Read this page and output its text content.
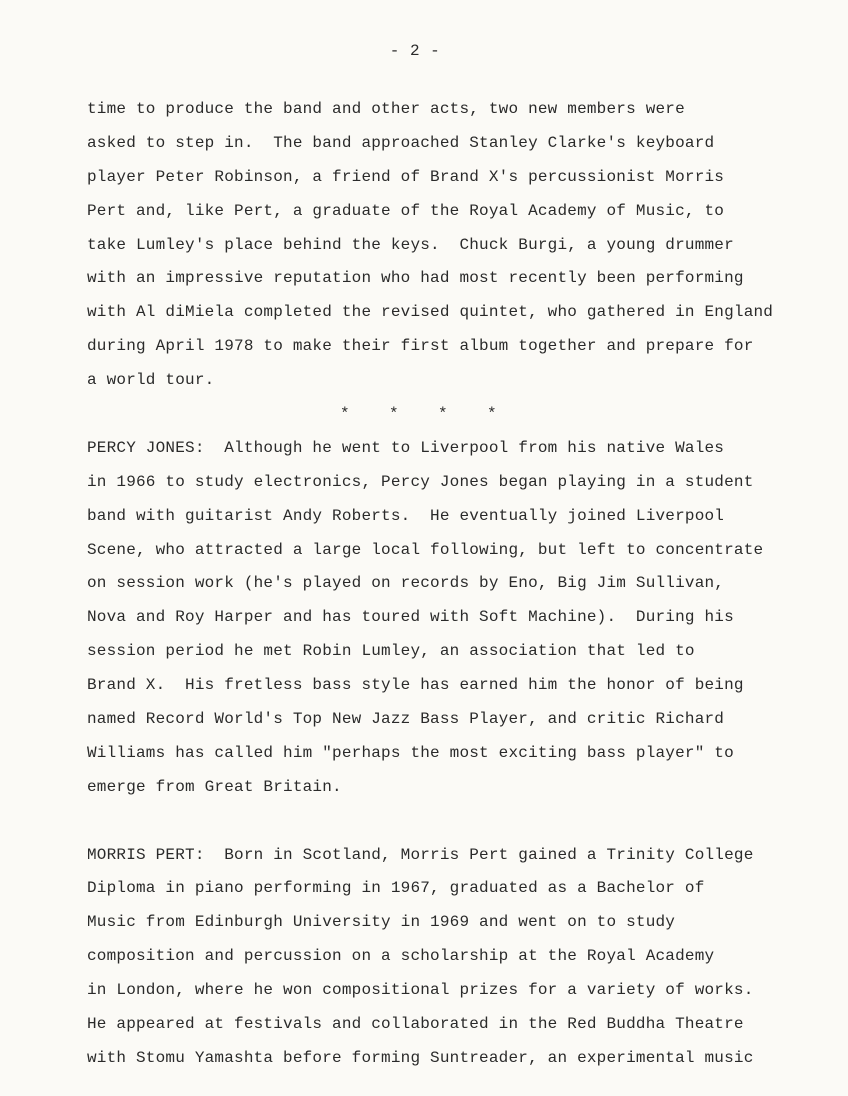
- 2 -
time to produce the band and other acts, two new members were
asked to step in.  The band approached Stanley Clarke's keyboard
player Peter Robinson, a friend of Brand X's percussionist Morris
Pert and, like Pert, a graduate of the Royal Academy of Music, to
take Lumley's place behind the keys.  Chuck Burgi, a young drummer
with an impressive reputation who had most recently been performing
with Al diMiela completed the revised quintet, who gathered in England
during April 1978 to make their first album together and prepare for
a world tour.
*    *    *    *
PERCY JONES:  Although he went to Liverpool from his native Wales
in 1966 to study electronics, Percy Jones began playing in a student
band with guitarist Andy Roberts.  He eventually joined Liverpool
Scene, who attracted a large local following, but left to concentrate
on session work (he's played on records by Eno, Big Jim Sullivan,
Nova and Roy Harper and has toured with Soft Machine).  During his
session period he met Robin Lumley, an association that led to
Brand X.  His fretless bass style has earned him the honor of being
named Record World's Top New Jazz Bass Player, and critic Richard
Williams has called him "perhaps the most exciting bass player" to
emerge from Great Britain.
MORRIS PERT:  Born in Scotland, Morris Pert gained a Trinity College
Diploma in piano performing in 1967, graduated as a Bachelor of
Music from Edinburgh University in 1969 and went on to study
composition and percussion on a scholarship at the Royal Academy
in London, where he won compositional prizes for a variety of works.
He appeared at festivals and collaborated in the Red Buddha Theatre
with Stomu Yamashta before forming Suntreader, an experimental music
